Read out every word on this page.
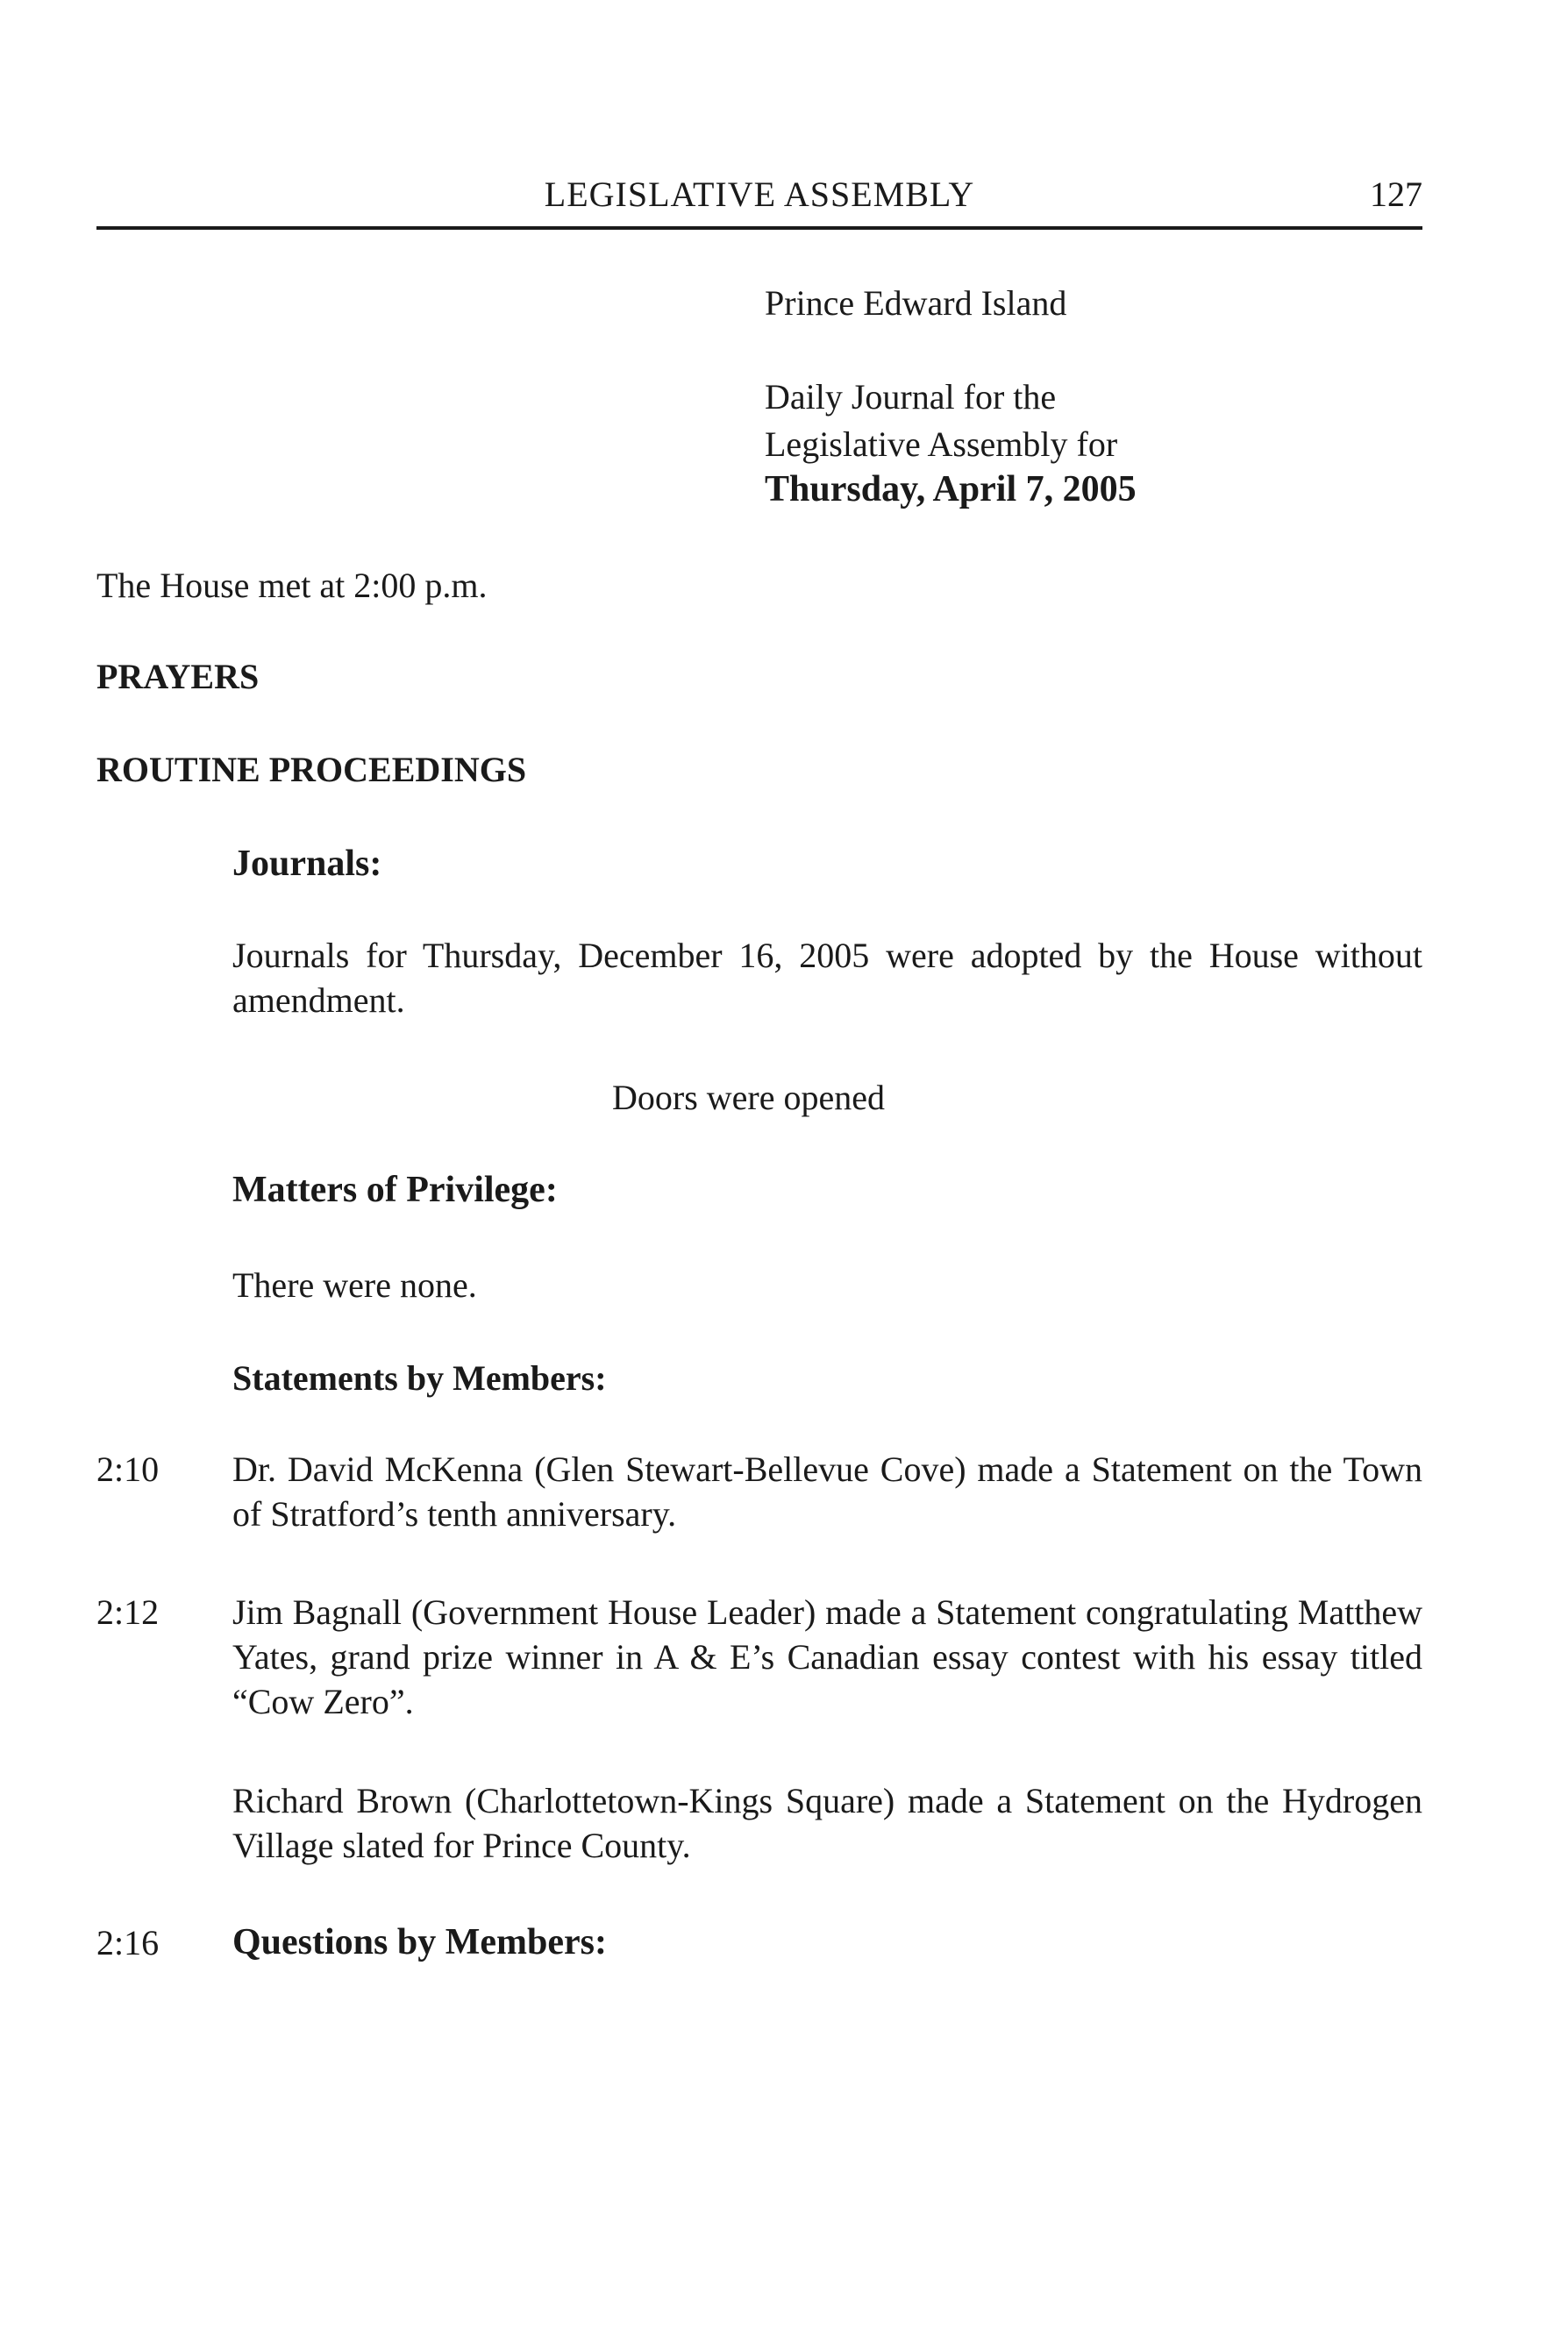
LEGISLATIVE ASSEMBLY	127
Prince Edward Island
Daily Journal for the
Legislative Assembly for
Thursday, April 7, 2005
The House met at 2:00 p.m.
PRAYERS
ROUTINE PROCEEDINGS
Journals:
Journals for Thursday, December 16, 2005 were adopted by the House without amendment.
Doors were opened
Matters of Privilege:
There were none.
Statements by Members:
2:10 Dr. David McKenna (Glen Stewart-Bellevue Cove) made a Statement on the Town of Stratford’s tenth anniversary.
2:12 Jim Bagnall (Government House Leader) made a Statement congratulating Matthew Yates, grand prize winner in A & E’s Canadian essay contest with his essay titled “Cow Zero”.
Richard Brown (Charlottetown-Kings Square) made a Statement on the Hydrogen Village slated for Prince County.
2:16 Questions by Members:
